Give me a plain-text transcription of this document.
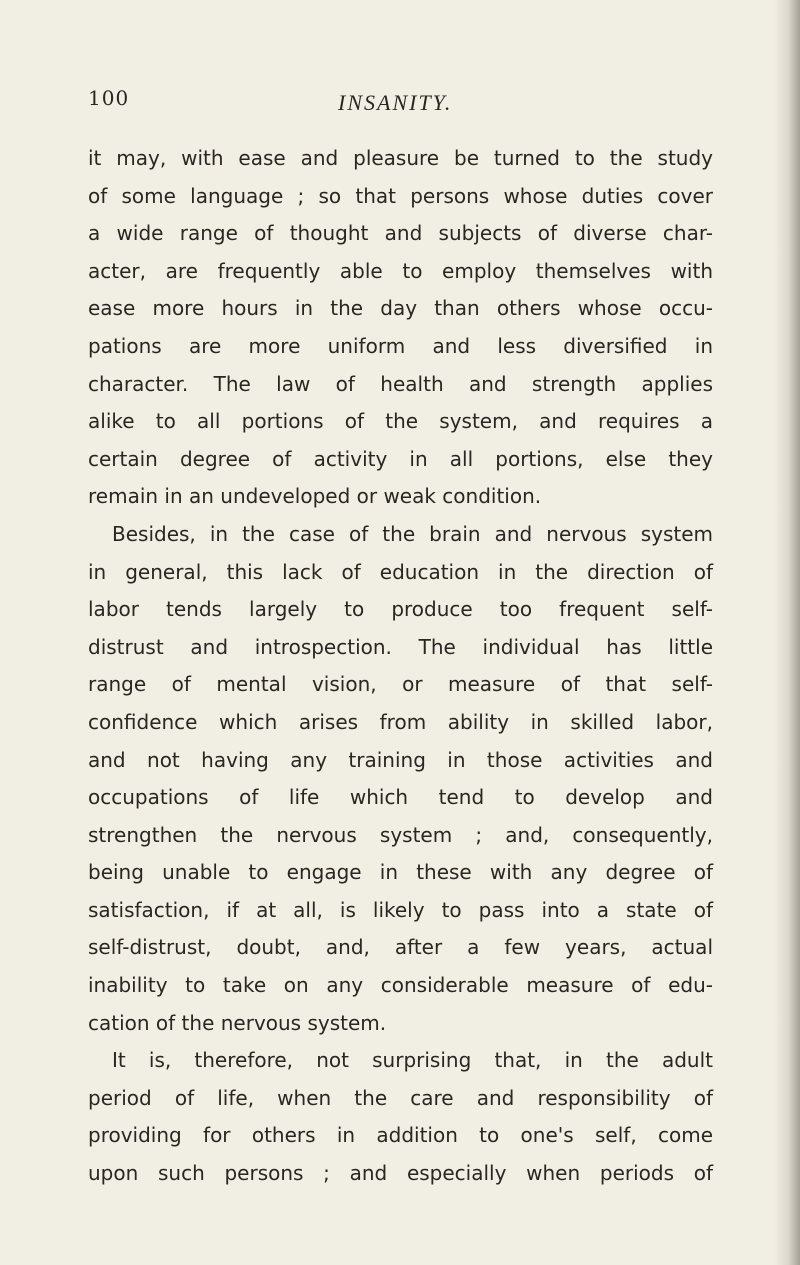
100	INSANITY.
it may, with ease and pleasure be turned to the study
of some language ; so that persons whose duties cover
a wide range of thought and subjects of diverse char-
acter, are frequently able to employ themselves with
ease more hours in the day than others whose occu-
pations are more uniform and less diversified in
character. The law of health and strength applies
alike to all portions of the system, and requires a
certain degree of activity in all portions, else they
remain in an undeveloped or weak condition.
Besides, in the case of the brain and nervous system
in general, this lack of education in the direction of
labor tends largely to produce too frequent self-
distrust and introspection. The individual has little
range of mental vision, or measure of that self-
confidence which arises from ability in skilled labor,
and not having any training in those activities and
occupations of life which tend to develop and
strengthen the nervous system ; and, consequently,
being unable to engage in these with any degree of
satisfaction, if at all, is likely to pass into a state of
self-distrust, doubt, and, after a few years, actual
inability to take on any considerable measure of edu-
cation of the nervous system.
It is, therefore, not surprising that, in the adult
period of life, when the care and responsibility of
providing for others in addition to one's self, come
upon such persons ; and especially when periods of
